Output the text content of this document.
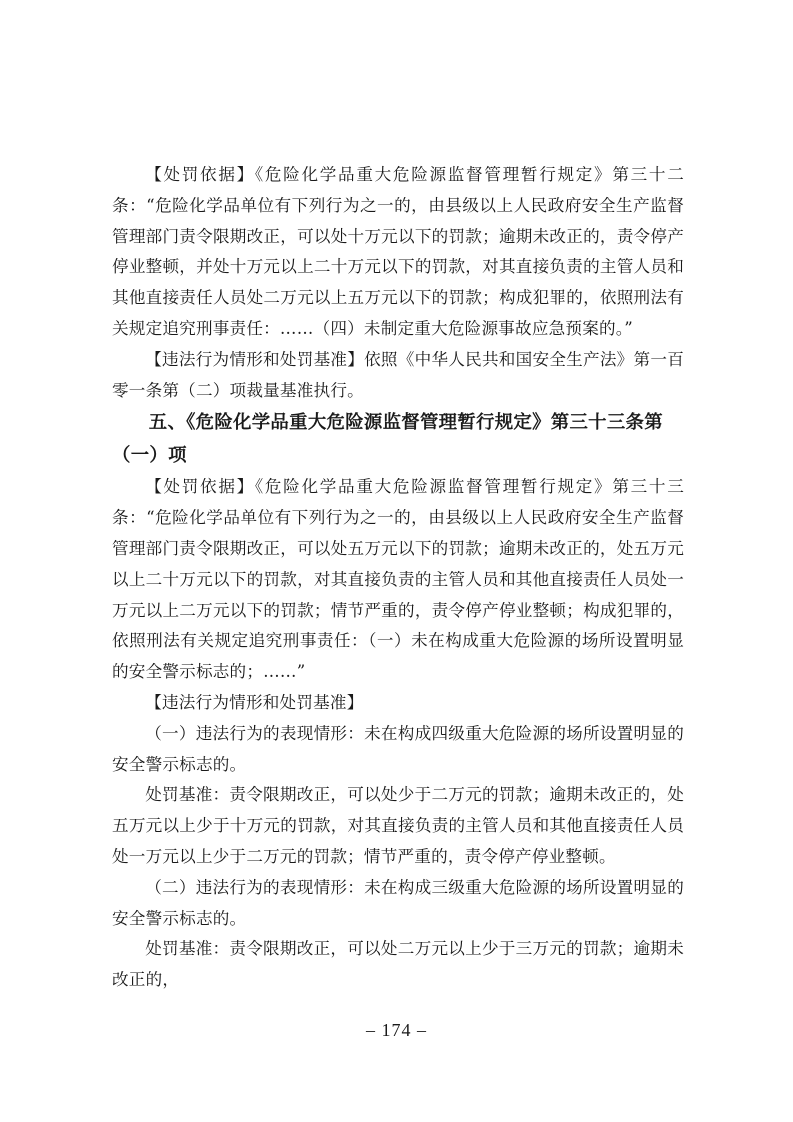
【处罚依据】《危险化学品重大危险源监督管理暂行规定》第三十二条：“危险化学品单位有下列行为之一的，由县级以上人民政府安全生产监督管理部门责令限期改正，可以处十万元以下的罚款；逾期未改正的，责令停产停业整顿，并处十万元以上二十万元以下的罚款，对其直接负责的主管人员和其他直接责任人员处二万元以上五万元以下的罚款；构成犯罪的，依照刑法有关规定追究刑事责任：……（四）未制定重大危险源事故应急预案的。”

【违法行为情形和处罚基准】依照《中华人民共和国安全生产法》第一百零一条第（二）项裁量基准执行。

五、《危险化学品重大危险源监督管理暂行规定》第三十三条第（一）项

【处罚依据】《危险化学品重大危险源监督管理暂行规定》第三十三条：“危险化学品单位有下列行为之一的，由县级以上人民政府安全生产监督管理部门责令限期改正，可以处五万元以下的罚款；逾期未改正的，处五万元以上二十万元以下的罚款，对其直接负责的主管人员和其他直接责任人员处一万元以上二万元以下的罚款；情节严重的，责令停产停业整顿；构成犯罪的，依照刑法有关规定追究刑事责任：（一）未在构成重大危险源的场所设置明显的安全警示标志的；……”

【违法行为情形和处罚基准】

（一）违法行为的表现情形：未在构成四级重大危险源的场所设置明显的安全警示标志的。

处罚基准：责令限期改正，可以处少于二万元的罚款；逾期未改正的，处五万元以上少于十万元的罚款，对其直接负责的主管人员和其他直接责任人员处一万元以上少于二万元的罚款；情节严重的，责令停产停业整顿。

（二）违法行为的表现情形：未在构成三级重大危险源的场所设置明显的安全警示标志的。

处罚基准：责令限期改正，可以处二万元以上少于三万元的罚款；逾期未改正的，

– 174 –
